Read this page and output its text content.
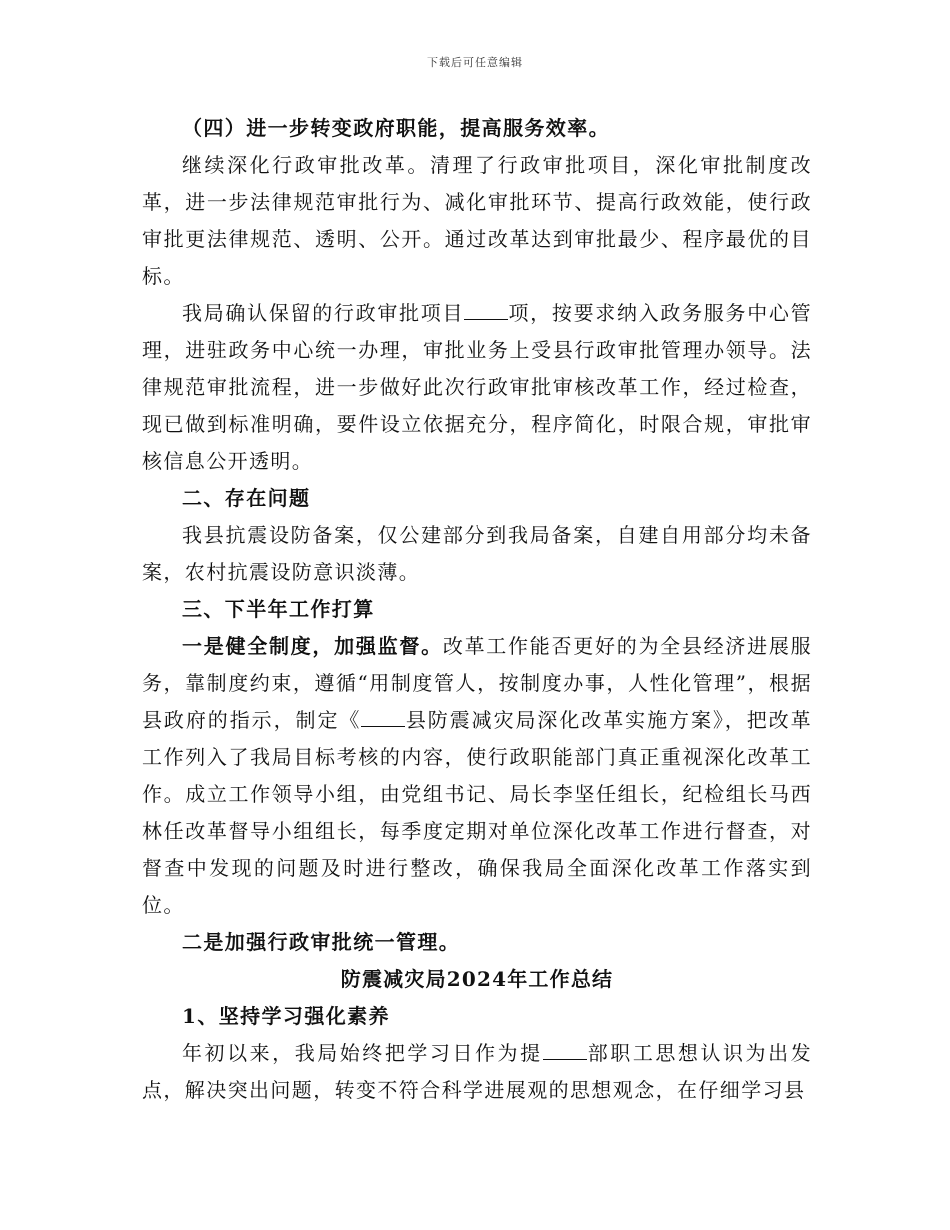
下载后可任意编辑

（四）进一步转变政府职能，提高服务效率。

继续深化行政审批改革。清理了行政审批项目，深化审批制度改革，进一步法律规范审批行为、减化审批环节、提高行政效能，使行政审批更法律规范、透明、公开。通过改革达到审批最少、程序最优的目标。

我局确认保留的行政审批项目 项，按要求纳入政务服务中心管理，进驻政务中心统一办理，审批业务上受县行政审批管理办领导。法律规范审批流程，进一步做好此次行政审批审核改革工作，经过检查，现已做到标准明确，要件设立依据充分，程序简化，时限合规，审批审核信息公开透明。

二、存在问题

我县抗震设防备案，仅公建部分到我局备案，自建自用部分均未备案，农村抗震设防意识淡薄。

三、下半年工作打算

一是健全制度，加强监督。改革工作能否更好的为全县经济进展服务，靠制度约束，遵循“用制度管人，按制度办事，人性化管理”，根据县政府的指示，制定《 县防震减灾局深化改革实施方案》，把改革工作列入了我局目标考核的内容，使行政职能部门真正重视深化改革工作。成立工作领导小组，由党组书记、局长李坚任组长，纪检组长马西林任改革督导小组组长，每季度定期对单位深化改革工作进行督查，对督查中发现的问题及时进行整改，确保我局全面深化改革工作落实到位。

二是加强行政审批统一管理。

防震减灾局2024年工作总结

1、坚持学习强化素养

年初以来，我局始终把学习日作为提 部职工思想认识为出发点，解决突出问题，转变不符合科学进展观的思想观念，在仔细学习县
